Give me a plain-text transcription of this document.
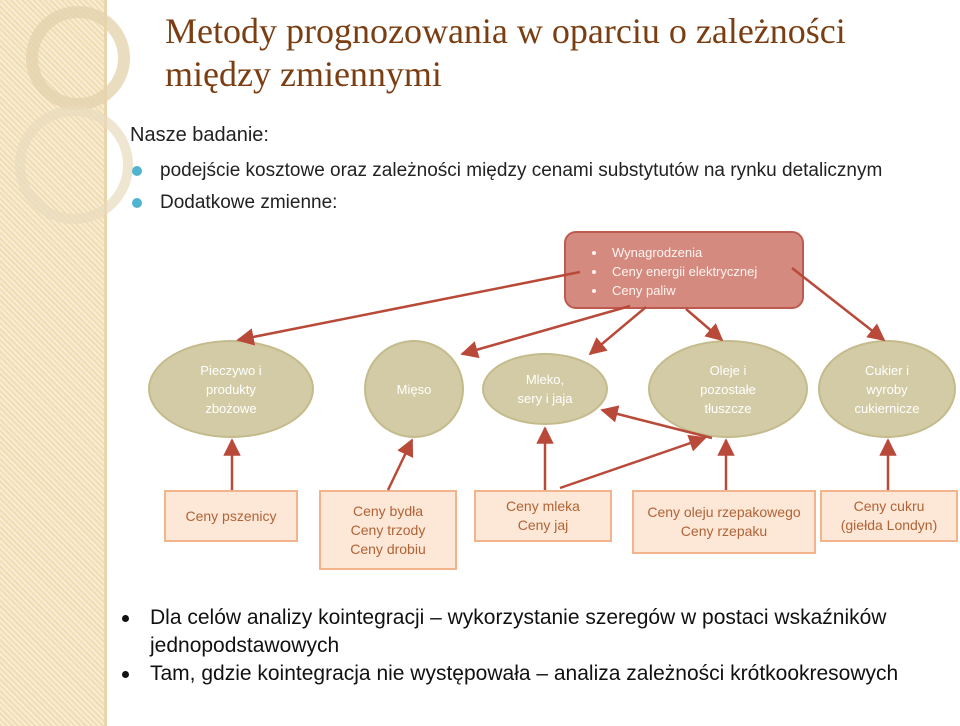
Metody prognozowania w oparciu o zależności między zmiennymi
Nasze badanie:
podejście kosztowe oraz zależności między cenami substytutów na rynku detalicznym
Dodatkowe zmienne:
Wynagrodzenia
Ceny energii elektrycznej
Ceny paliw
Pieczywo i
produkty
zbożowe
Mięso
Mleko,
sery i jaja
Oleje i
pozostałe
tłuszcze
Cukier i
wyroby
cukiernicze
Ceny pszenicy	Ceny bydła
Ceny trzody
Ceny drobiu
Ceny mleka
Ceny jaj
Ceny oleju rzepakowego
Ceny rzepaku
Ceny cukru
(giełda Londyn)
Dla celów analizy kointegracji – wykorzystanie szeregów w postaci wskaźników jednopodstawowych
Tam, gdzie kointegracja nie występowała – analiza zależności krótkookresowych
